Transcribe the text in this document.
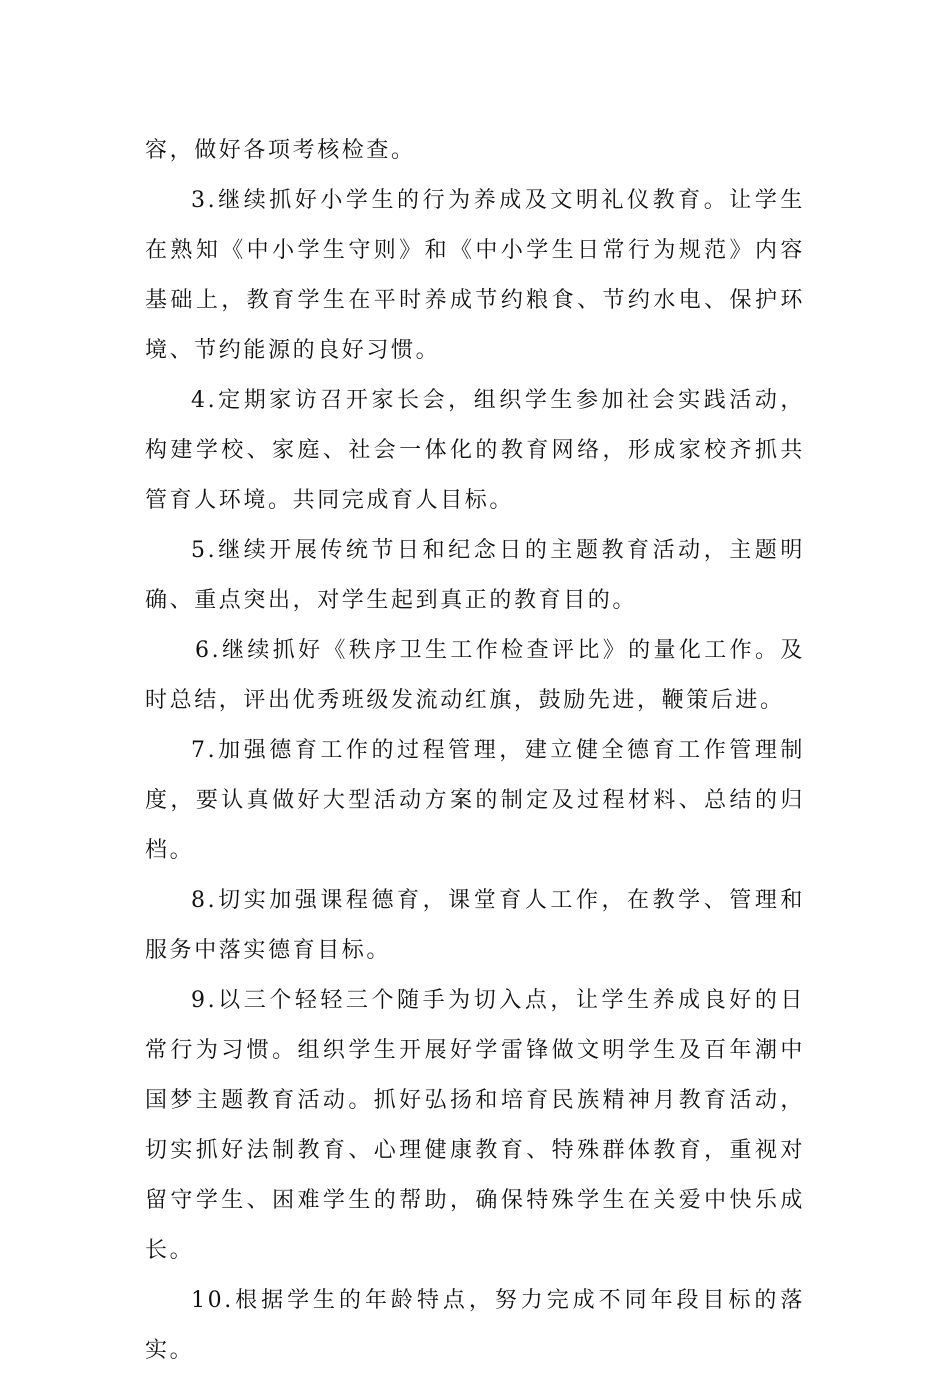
容，做好各项考核检查。

3.继续抓好小学生的行为养成及文明礼仪教育。让学生在熟知《中小学生守则》和《中小学生日常行为规范》内容基础上，教育学生在平时养成节约粮食、节约水电、保护环境、节约能源的良好习惯。

4.定期家访召开家长会，组织学生参加社会实践活动，构建学校、家庭、社会一体化的教育网络，形成家校齐抓共管育人环境。共同完成育人目标。

5.继续开展传统节日和纪念日的主题教育活动，主题明确、重点突出，对学生起到真正的教育目的。

6.继续抓好《秩序卫生工作检查评比》的量化工作。及时总结，评出优秀班级发流动红旗，鼓励先进，鞭策后进。

7.加强德育工作的过程管理，建立健全德育工作管理制度，要认真做好大型活动方案的制定及过程材料、总结的归档。

8.切实加强课程德育，课堂育人工作，在教学、管理和服务中落实德育目标。

9.以三个轻轻三个随手为切入点，让学生养成良好的日常行为习惯。组织学生开展好学雷锋做文明学生及百年潮中国梦主题教育活动。抓好弘扬和培育民族精神月教育活动，切实抓好法制教育、心理健康教育、特殊群体教育，重视对留守学生、困难学生的帮助，确保特殊学生在关爱中快乐成长。

10.根据学生的年龄特点，努力完成不同年段目标的落实。
